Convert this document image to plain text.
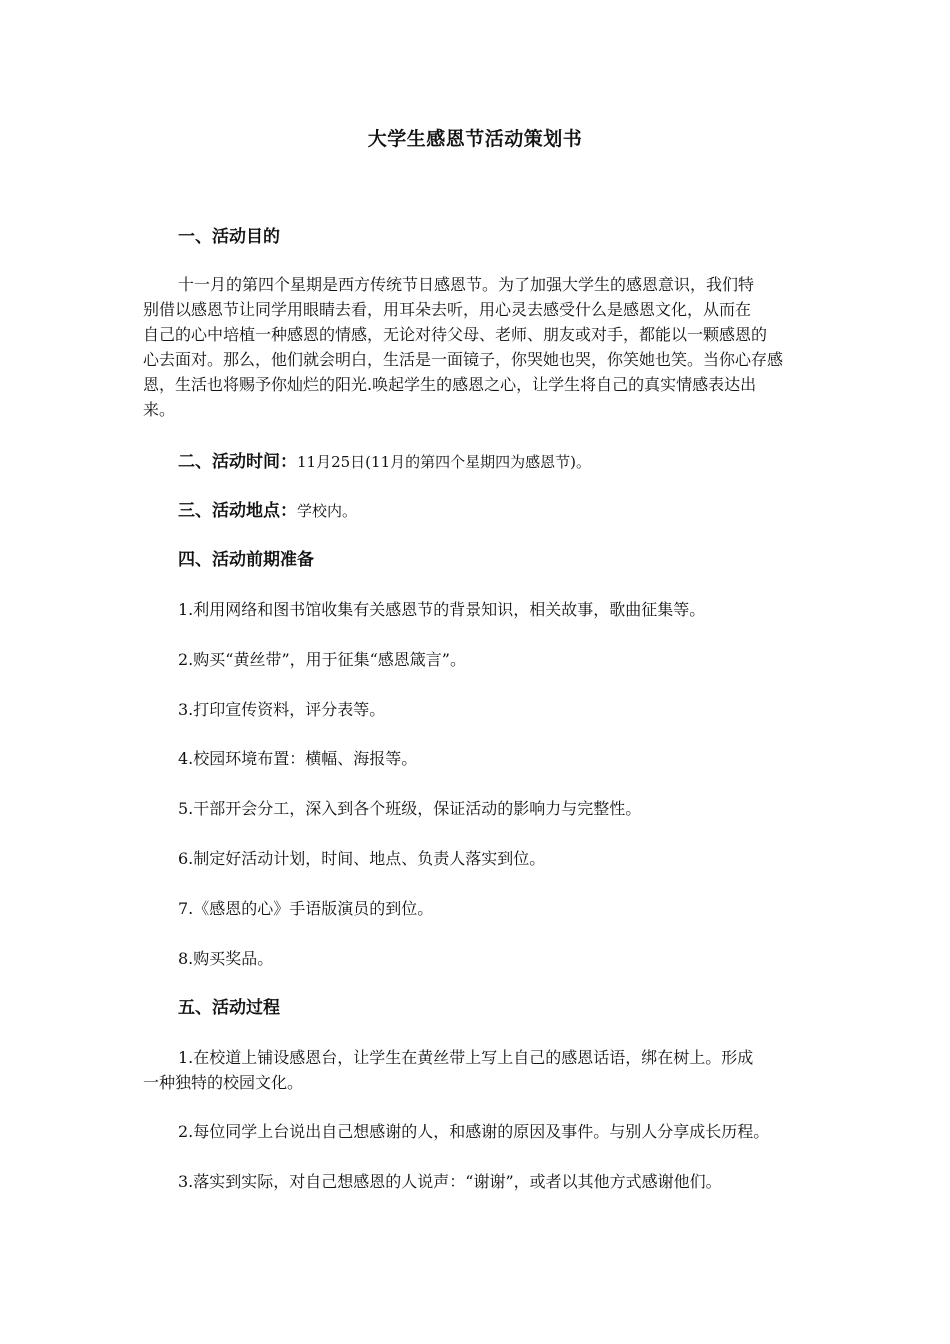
大学生感恩节活动策划书
一、活动目的
十一月的第四个星期是西方传统节日感恩节。为了加强大学生的感恩意识，我们特
别借以感恩节让同学用眼睛去看，用耳朵去听，用心灵去感受什么是感恩文化，从而在
自己的心中培植一种感恩的情感，无论对待父母、老师、朋友或对手，都能以一颗感恩的
心去面对。那么，他们就会明白，生活是一面镜子，你哭她也哭，你笑她也笑。当你心存感
恩，生活也将赐予你灿烂的阳光.唤起学生的感恩之心，让学生将自己的真实情感表达出
来。
二、活动时间：11月25日(11月的第四个星期四为感恩节)。
三、活动地点：学校内。
四、活动前期准备
1.利用网络和图书馆收集有关感恩节的背景知识，相关故事，歌曲征集等。
2.购买“黄丝带”，用于征集“感恩箴言”。
3.打印宣传资料，评分表等。
4.校园环境布置：横幅、海报等。
5.干部开会分工，深入到各个班级，保证活动的影响力与完整性。
6.制定好活动计划，时间、地点、负责人落实到位。
7.《感恩的心》手语版演员的到位。
8.购买奖品。
五、活动过程
1.在校道上铺设感恩台，让学生在黄丝带上写上自己的感恩话语，绑在树上。形成
一种独特的校园文化。
2.每位同学上台说出自己想感谢的人，和感谢的原因及事件。与别人分享成长历程。
3.落实到实际，对自己想感恩的人说声：“谢谢”，或者以其他方式感谢他们。
